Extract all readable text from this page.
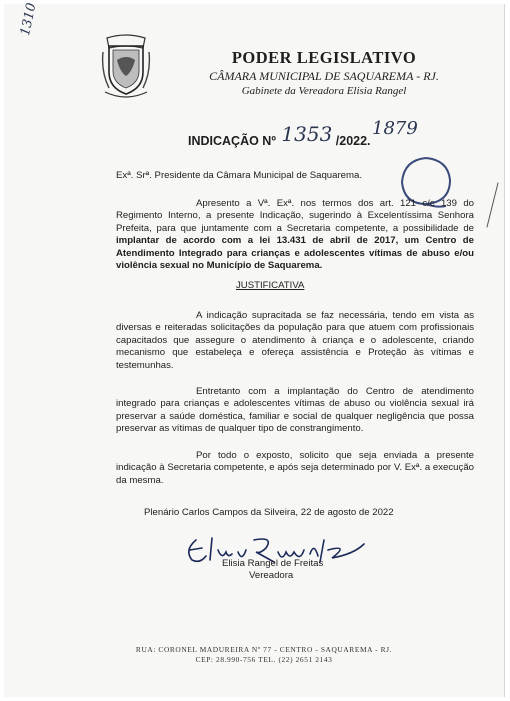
1310
PODER LEGISLATIVO
CÂMARA MUNICIPAL DE SAQUAREMA - RJ.
Gabinete da Vereadora Elisia Rangel
INDICAÇÃO Nº 1353 /2022.
1879
Exª. Srª. Presidente da Câmara Municipal de Saquarema.

Apresento a Vª. Exª. nos termos dos art. 121 c/c 139 do Regimento Interno, a presente Indicação, sugerindo à Excelentíssima Senhora Prefeita, para que juntamente com a Secretaria competente, a possibilidade de implantar de acordo com a lei 13.431 de abril de 2017, um Centro de Atendimento Integrado para crianças e adolescentes vítimas de abuso e/ou violência sexual no Município de Saquarema.

JUSTIFICATIVA

A indicação supracitada se faz necessária, tendo em vista as diversas e reiteradas solicitações da população para que atuem com profissionais capacitados que assegure o atendimento à criança e o adolescente, criando mecanismo que estabeleça e ofereça assistência e Proteção às vítimas e testemunhas.

Entretanto com a implantação do Centro de atendimento integrado para crianças e adolescentes vítimas de abuso ou violência sexual irá preservar a saúde doméstica, familiar e social de qualquer negligência que possa preservar as vítimas de qualquer tipo de constrangimento.

Por todo o exposto, solicito que seja enviada a presente indicação à Secretaria competente, e após seja determinado por V. Exª. a execução da mesma.

Plenário Carlos Campos da Silveira, 22 de agosto de 2022
Elisia Rangel de Freitas
Vereadora
RUA: CORONEL MADUREIRA Nº 77 - CENTRO - SAQUAREMA - RJ.
CEP: 28.990-756 TEL. (22) 2651 2143
